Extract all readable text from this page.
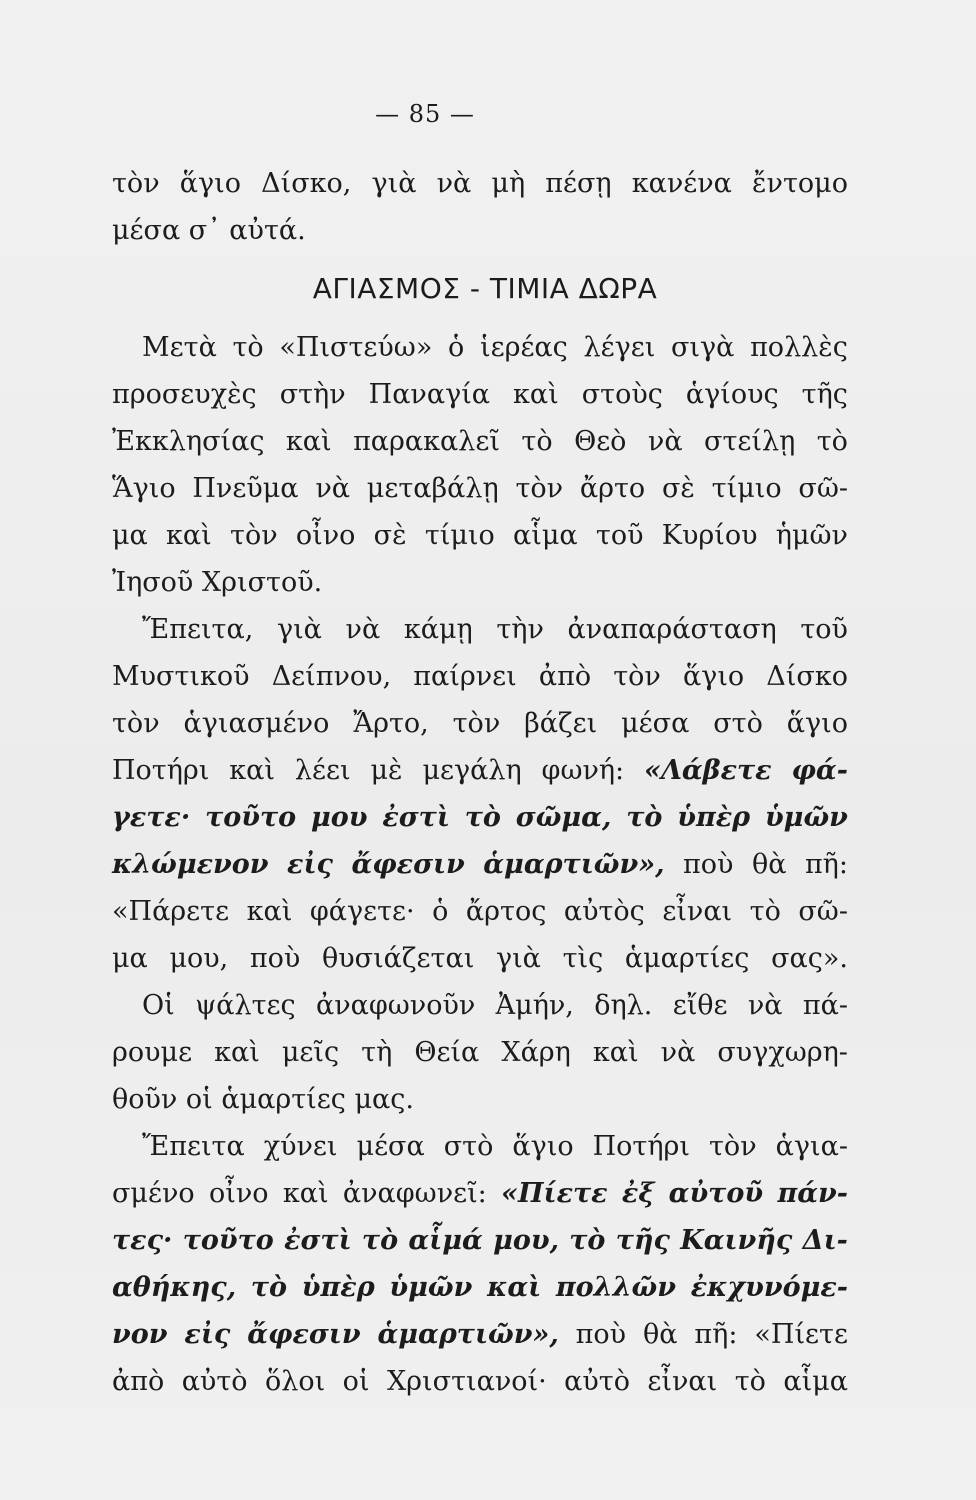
— 85 —
τὸν ἅγιο Δίσκο, γιὰ νὰ μὴ πέσῃ κανένα ἔντομο
μέσα σ᾽ αὐτά.
ΑΓΙΑΣΜΟΣ - ΤΙΜΙΑ ΔΩΡΑ
Μετὰ τὸ «Πιστεύω» ὁ ἱερέας λέγει σιγὰ πολλὲς
προσευχὲς στὴν Παναγία καὶ στοὺς ἁγίους τῆς
Ἐκκλησίας καὶ παρακαλεῖ τὸ Θεὸ νὰ στείλῃ τὸ
Ἅγιο Πνεῦμα νὰ μεταβάλῃ τὸν ἄρτο σὲ τίμιο σῶ-
μα καὶ τὸν οἶνο σὲ τίμιο αἷμα τοῦ Κυρίου ἡμῶν
Ἰησοῦ Χριστοῦ.
Ἔπειτα, γιὰ νὰ κάμῃ τὴν ἀναπαράσταση τοῦ
Μυστικοῦ Δείπνου, παίρνει ἀπὸ τὸν ἅγιο Δίσκο
τὸν ἁγιασμένο Ἄρτο, τὸν βάζει μέσα στὸ ἅγιο
Ποτήρι καὶ λέει μὲ μεγάλη φωνή: «Λάβετε φά-
γετε· τοῦτο μου ἐστὶ τὸ σῶμα, τὸ ὑπὲρ ὑμῶν
κλώμενον εἰς ἄφεσιν ἁμαρτιῶν», ποὺ θὰ πῆ:
«Πάρετε καὶ φάγετε· ὁ ἄρτος αὐτὸς εἶναι τὸ σῶ-
μα μου, ποὺ θυσιάζεται γιὰ τὶς ἁμαρτίες σας».
Οἱ ψάλτες ἀναφωνοῦν Ἀμήν, δηλ. εἴθε νὰ πά-
ρουμε καὶ μεῖς τὴ Θεία Χάρη καὶ νὰ συγχωρη-
θοῦν οἱ ἁμαρτίες μας.
Ἔπειτα χύνει μέσα στὸ ἅγιο Ποτήρι τὸν ἁγια-
σμένο οἶνο καὶ ἀναφωνεῖ: «Πίετε ἐξ αὐτοῦ πάν-
τες· τοῦτο ἐστὶ τὸ αἷμά μου, τὸ τῆς Καινῆς Δι-
αθήκης, τὸ ὑπὲρ ὑμῶν καὶ πολλῶν ἐκχυνόμε-
νον εἰς ἄφεσιν ἁμαρτιῶν», ποὺ θὰ πῆ: «Πίετε
ἀπὸ αὐτὸ ὅλοι οἱ Χριστιανοί· αὐτὸ εἶναι τὸ αἷμα
